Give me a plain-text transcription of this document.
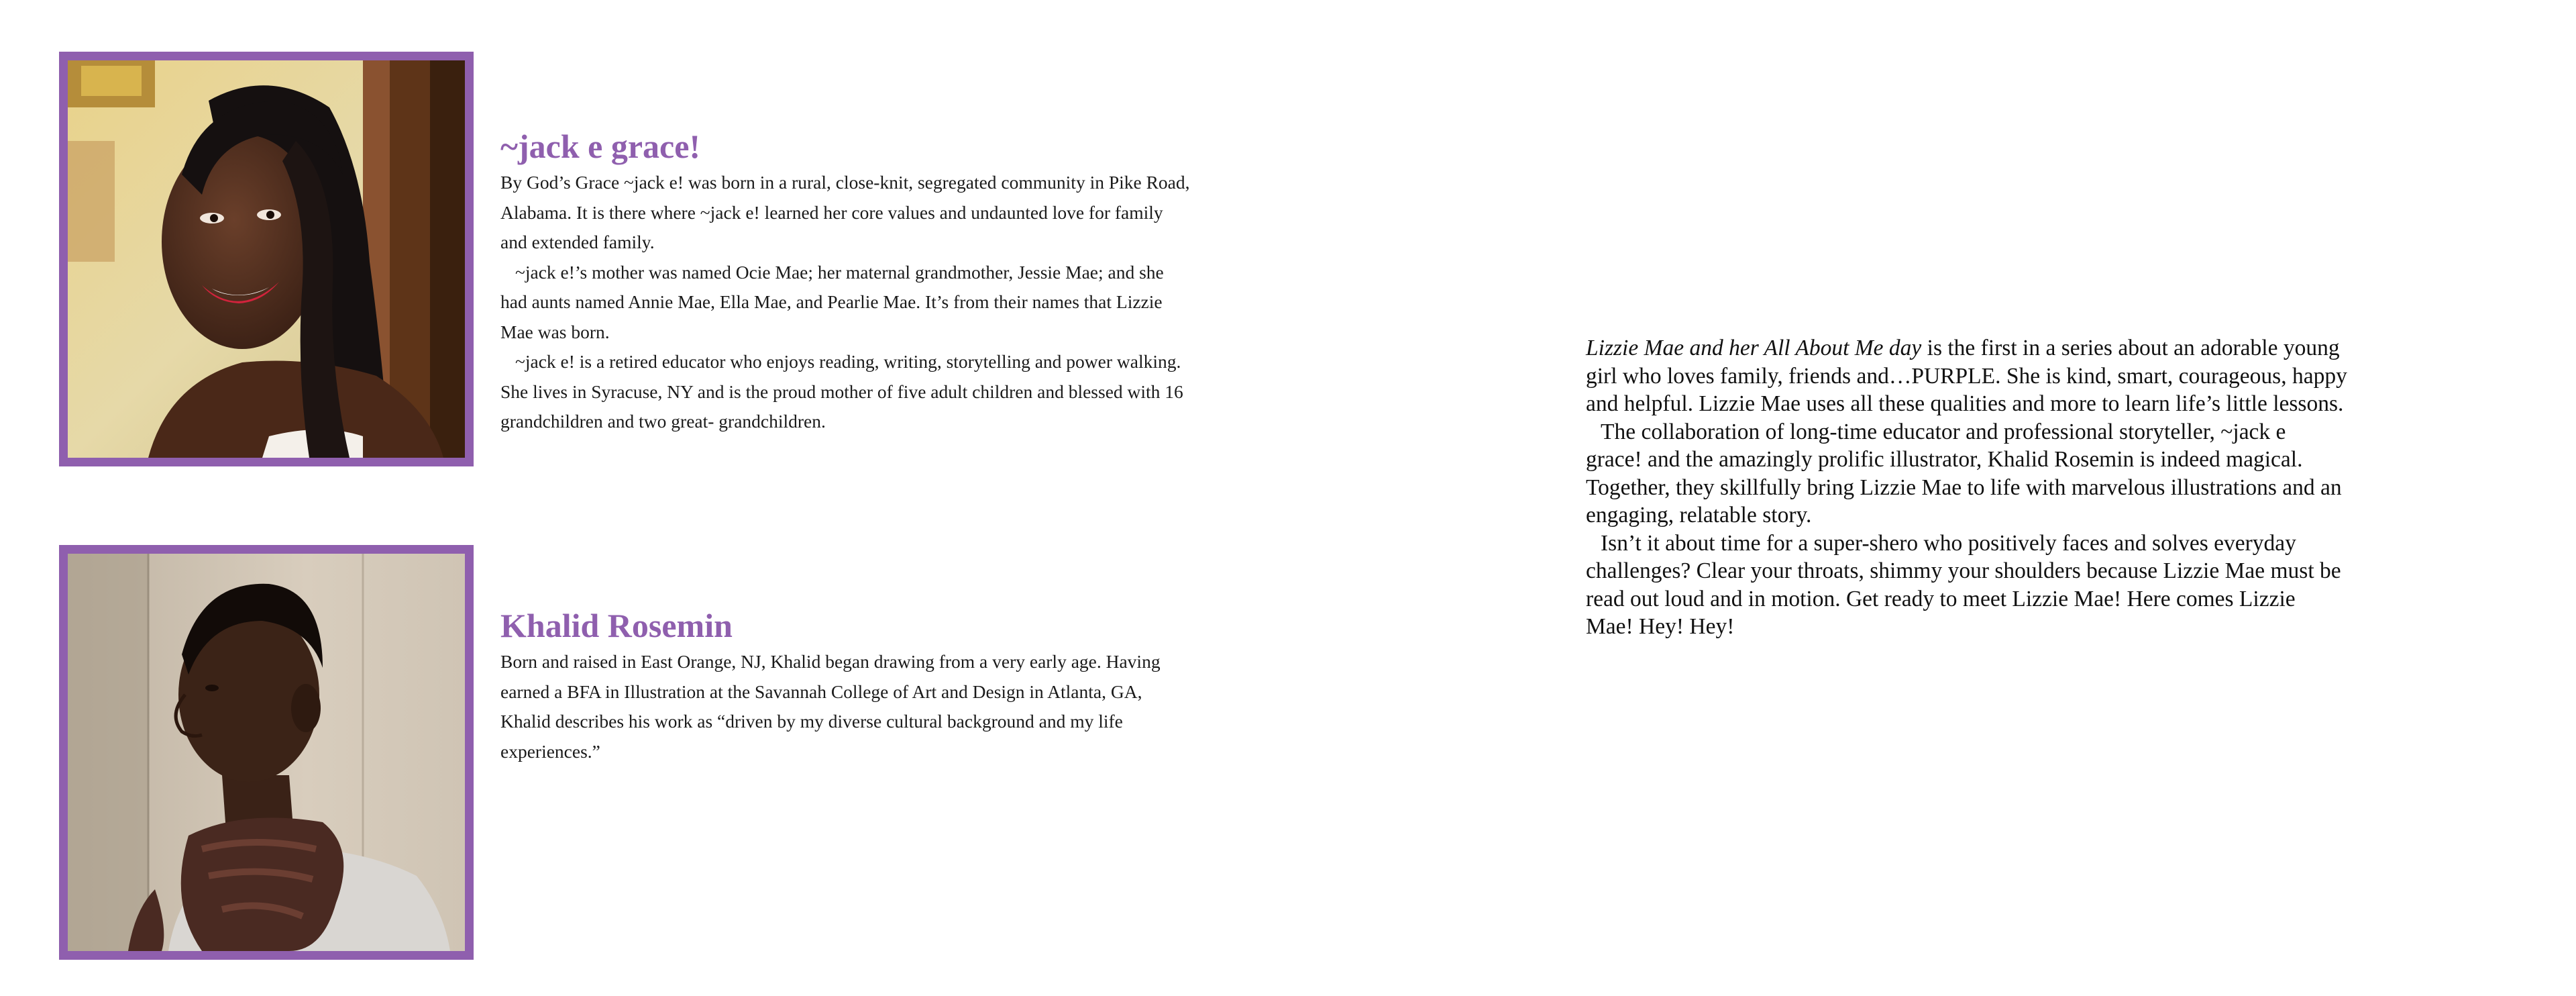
~jack e grace!

By God’s Grace ~jack e! was born in a rural, close-knit, segregated community in Pike Road, Alabama. It is there where ~jack e! learned her core values and undaunted love for family and extended family.

~jack e!’s mother was named Ocie Mae; her maternal grandmother, Jessie Mae; and she had aunts named Annie Mae, Ella Mae, and Pearlie Mae. It’s from their names that Lizzie Mae was born.

~jack e! is a retired educator who enjoys reading, writing, storytelling and power walking. She lives in Syracuse, NY and is the proud mother of five adult children and blessed with 16 grandchildren and two great- grandchildren.

Khalid Rosemin

Born and raised in East Orange, NJ, Khalid began drawing from a very early age. Having earned a BFA in Illustration at the Savannah College of Art and Design in Atlanta, GA, Khalid describes his work as “driven by my diverse cultural background and my life experiences.”

Lizzie Mae and her All About Me day is the first in a series about an adorable young girl who loves family, friends and…PURPLE. She is kind, smart, courageous, happy and helpful. Lizzie Mae uses all these qualities and more to learn life’s little lessons.

The collaboration of long-time educator and professional storyteller, ~jack e grace! and the amazingly prolific illustrator, Khalid Rosemin is indeed magical. Together, they skillfully bring Lizzie Mae to life with marvelous illustrations and an engaging, relatable story.

Isn’t it about time for a super-shero who positively faces and solves everyday challenges? Clear your throats, shimmy your shoulders because Lizzie Mae must be read out loud and in motion. Get ready to meet Lizzie Mae! Here comes Lizzie Mae! Hey! Hey!
